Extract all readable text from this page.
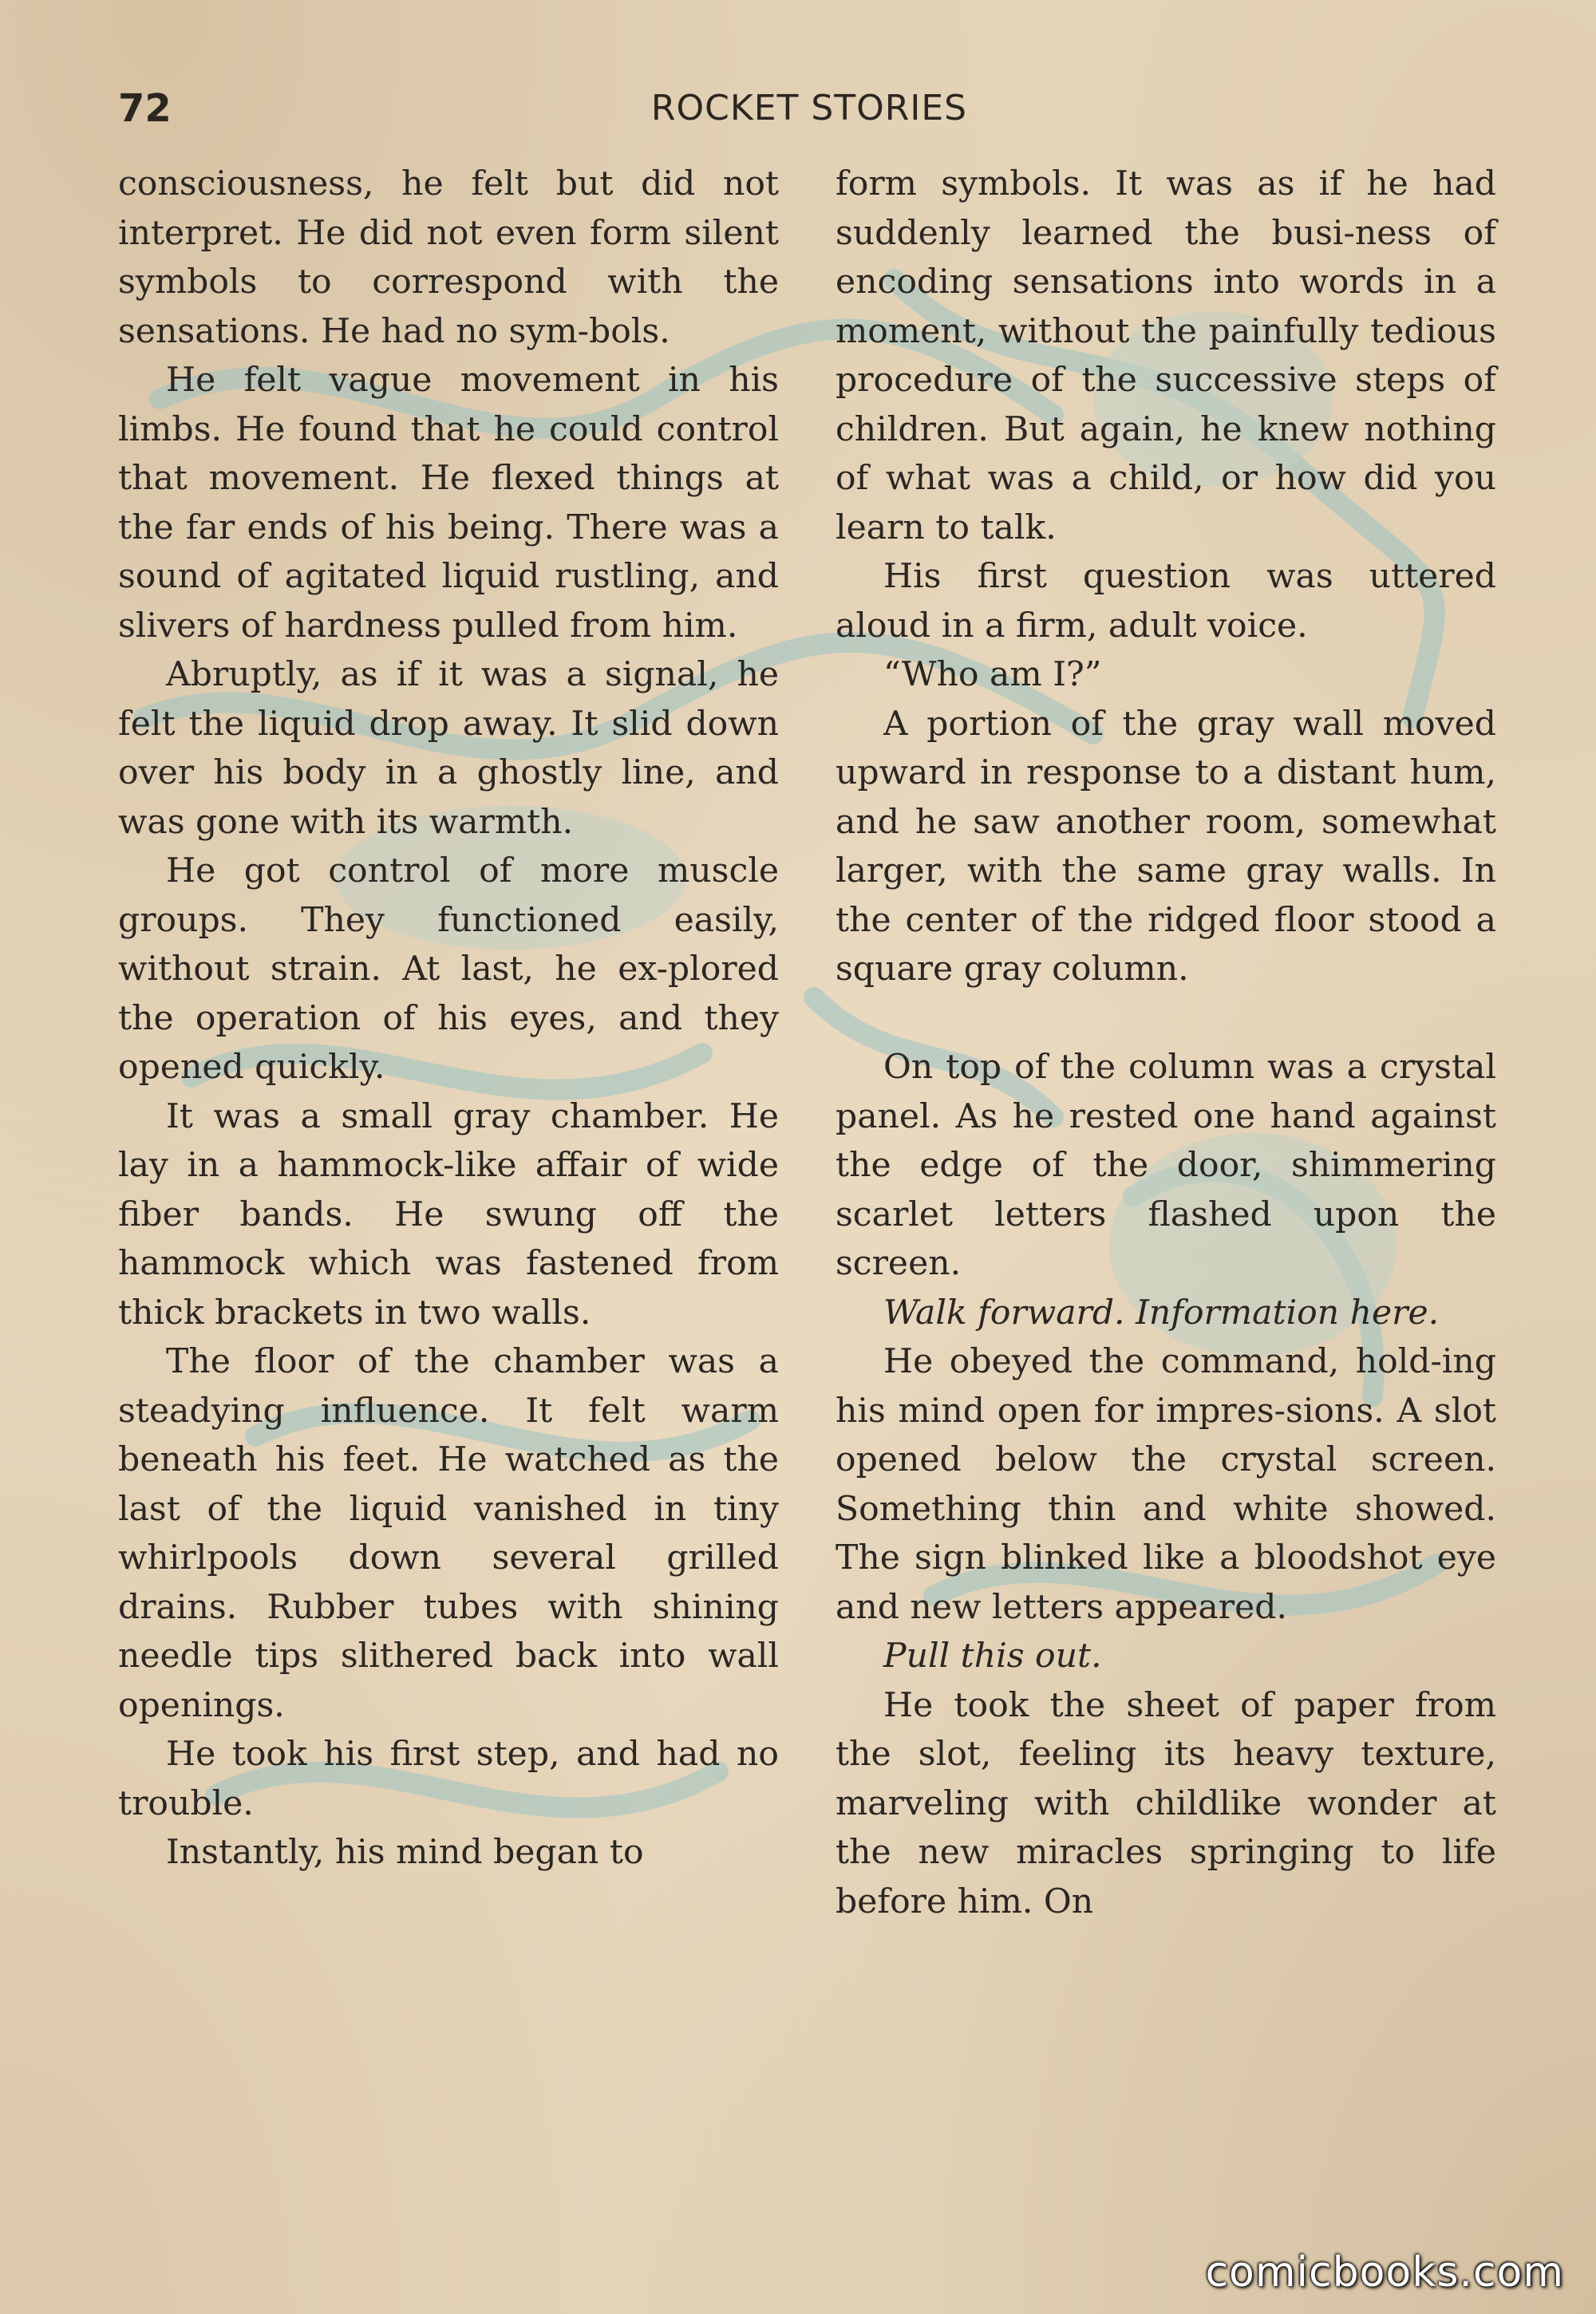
72	ROCKET STORIES

consciousness, he felt but did not interpret. He did not even form silent symbols to correspond with the sensations. He had no sym-bols.

He felt vague movement in his limbs. He found that he could control that movement. He flexed things at the far ends of his being. There was a sound of agitated liquid rustling, and slivers of hardness pulled from him.

Abruptly, as if it was a signal, he felt the liquid drop away. It slid down over his body in a ghostly line, and was gone with its warmth.

He got control of more muscle groups. They functioned easily, without strain. At last, he ex-plored the operation of his eyes, and they opened quickly.

It was a small gray chamber. He lay in a hammock-like affair of wide fiber bands. He swung off the hammock which was fastened from thick brackets in two walls.

The floor of the chamber was a steadying influence. It felt warm beneath his feet. He watched as the last of the liquid vanished in tiny whirlpools down several grilled drains. Rubber tubes with shining needle tips slithered back into wall openings.

He took his first step, and had no trouble.

Instantly, his mind began to

form symbols. It was as if he had suddenly learned the busi-ness of encoding sensations into words in a moment, without the painfully tedious procedure of the successive steps of children. But again, he knew nothing of what was a child, or how did you learn to talk.

His first question was uttered aloud in a firm, adult voice.

“Who am I?”

A portion of the gray wall moved upward in response to a distant hum, and he saw another room, somewhat larger, with the same gray walls. In the center of the ridged floor stood a square gray column.

On top of the column was a crystal panel. As he rested one hand against the edge of the door, shimmering scarlet letters flashed upon the screen.

Walk forward. Information here.

He obeyed the command, hold-ing his mind open for impres-sions. A slot opened below the crystal screen. Something thin and white showed. The sign blinked like a bloodshot eye and new letters appeared.

Pull this out.

He took the sheet of paper from the slot, feeling its heavy texture, marveling with childlike wonder at the new miracles springing to life before him. On

comicbooks.com
